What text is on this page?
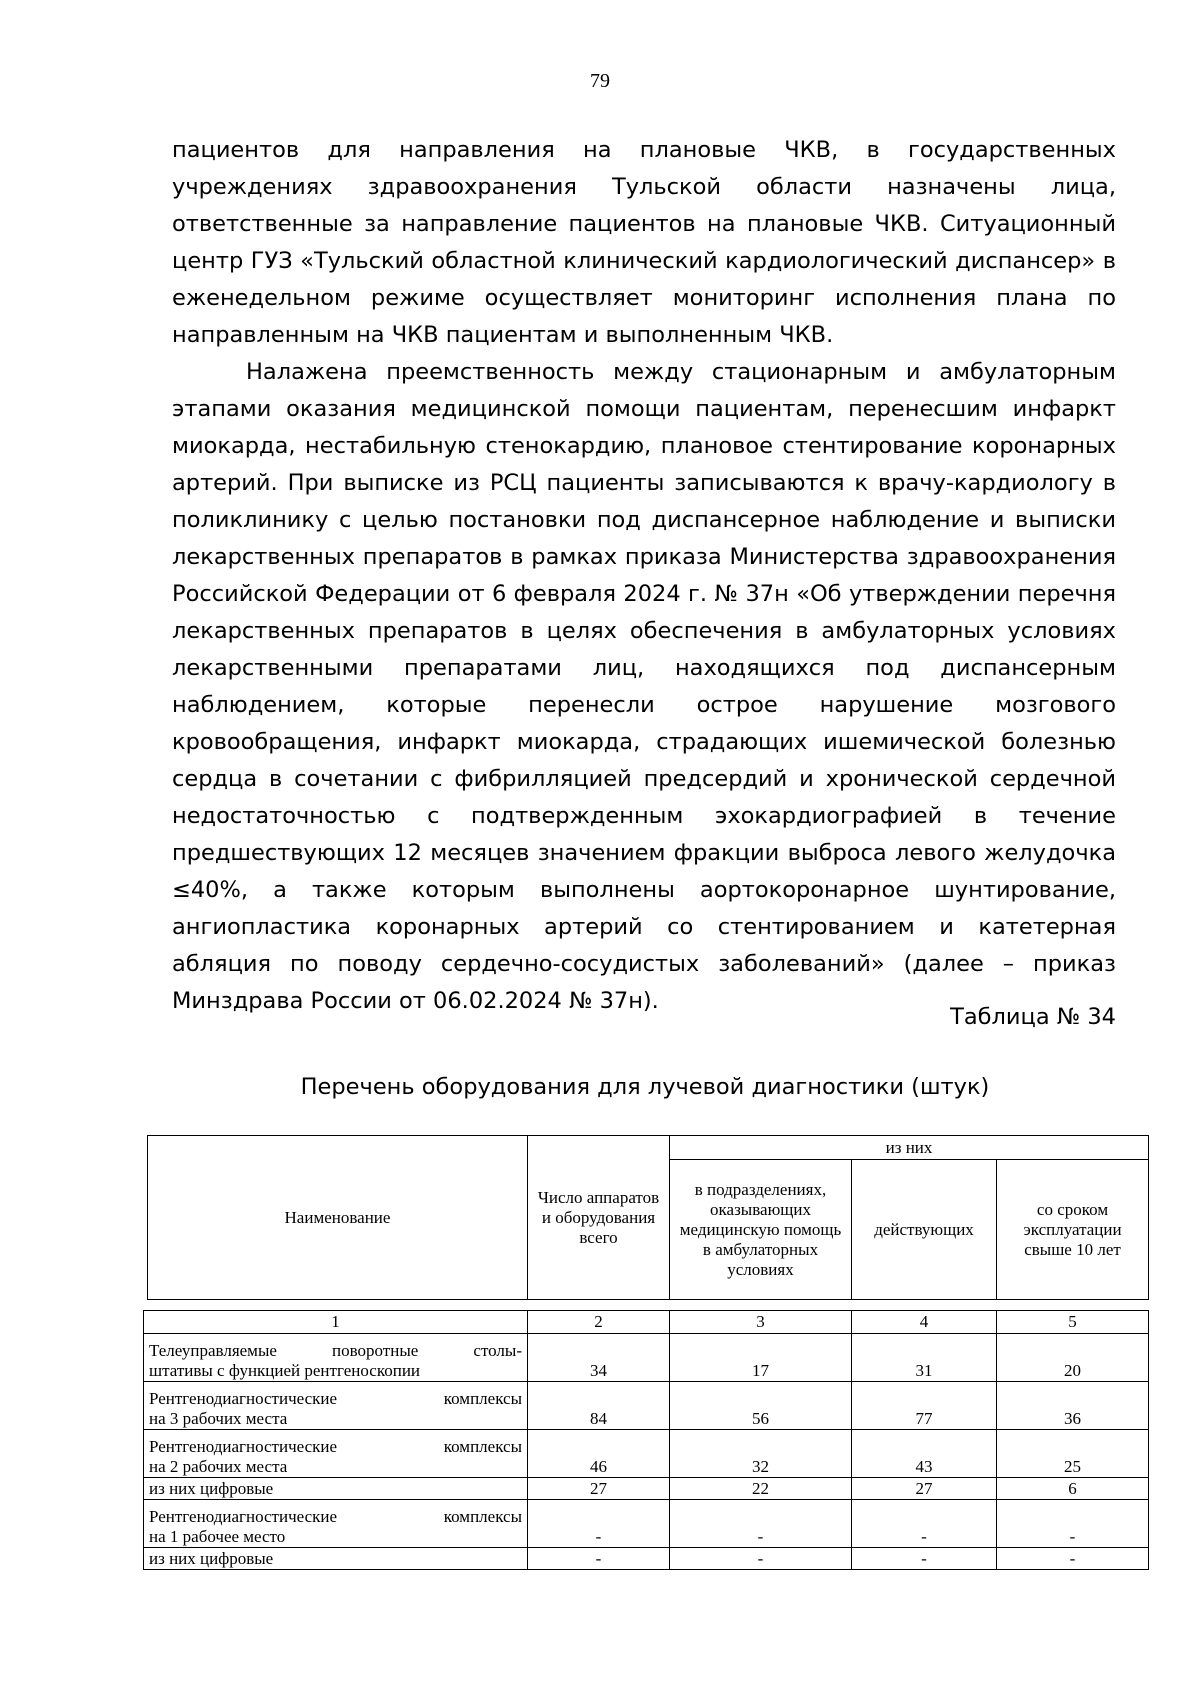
79

пациентов для направления на плановые ЧКВ, в государственных учреждениях здравоохранения Тульской области назначены лица, ответственные за направление пациентов на плановые ЧКВ. Ситуационный центр ГУЗ «Тульский областной клинический кардиологический диспансер» в еженедельном режиме осуществляет мониторинг исполнения плана по направленным на ЧКВ пациентам и выполненным ЧКВ.

Налажена преемственность между стационарным и амбулаторным этапами оказания медицинской помощи пациентам, перенесшим инфаркт миокарда, нестабильную стенокардию, плановое стентирование коронарных артерий. При выписке из РСЦ пациенты записываются к врачу-кардиологу в поликлинику с целью постановки под диспансерное наблюдение и выписки лекарственных препаратов в рамках приказа Министерства здравоохранения Российской Федерации от 6 февраля 2024 г. № 37н «Об утверждении перечня лекарственных препаратов в целях обеспечения в амбулаторных условиях лекарственными препаратами лиц, находящихся под диспансерным наблюдением, которые перенесли острое нарушение мозгового кровообращения, инфаркт миокарда, страдающих ишемической болезнью сердца в сочетании с фибрилляцией предсердий и хронической сердечной недостаточностью с подтвержденным эхокардиографией в течение предшествующих 12 месяцев значением фракции выброса левого желудочка ≤40%, а также которым выполнены аортокоронарное шунтирование, ангиопластика коронарных артерий со стентированием и катетерная абляция по поводу сердечно-сосудистых заболеваний» (далее – приказ Минздрава России от 06.02.2024 № 37н).

Таблица № 34
Перечень оборудования для лучевой диагностики (штук)
Наименование	Число аппаратов и оборудования всего	из них		
		в подразделениях, оказывающих медицинскую помощь в амбулаторных условиях	действующих	со сроком эксплуатации свыше 10 лет
1	2	3	4	5

Телеуправляемые поворотные столы-
штативы с функцией рентгеноскопии	34	17	31	20

Рентгенодиагностические комплексы
на 3 рабочих места	84	56	77	36

Рентгенодиагностические комплексы
на 2 рабочих места	46	32	43	25
из них цифровые	27	22	27	6

Рентгенодиагностические комплексы
на 1 рабочее место	-	-	-	-
из них цифровые	-	-	-	-
